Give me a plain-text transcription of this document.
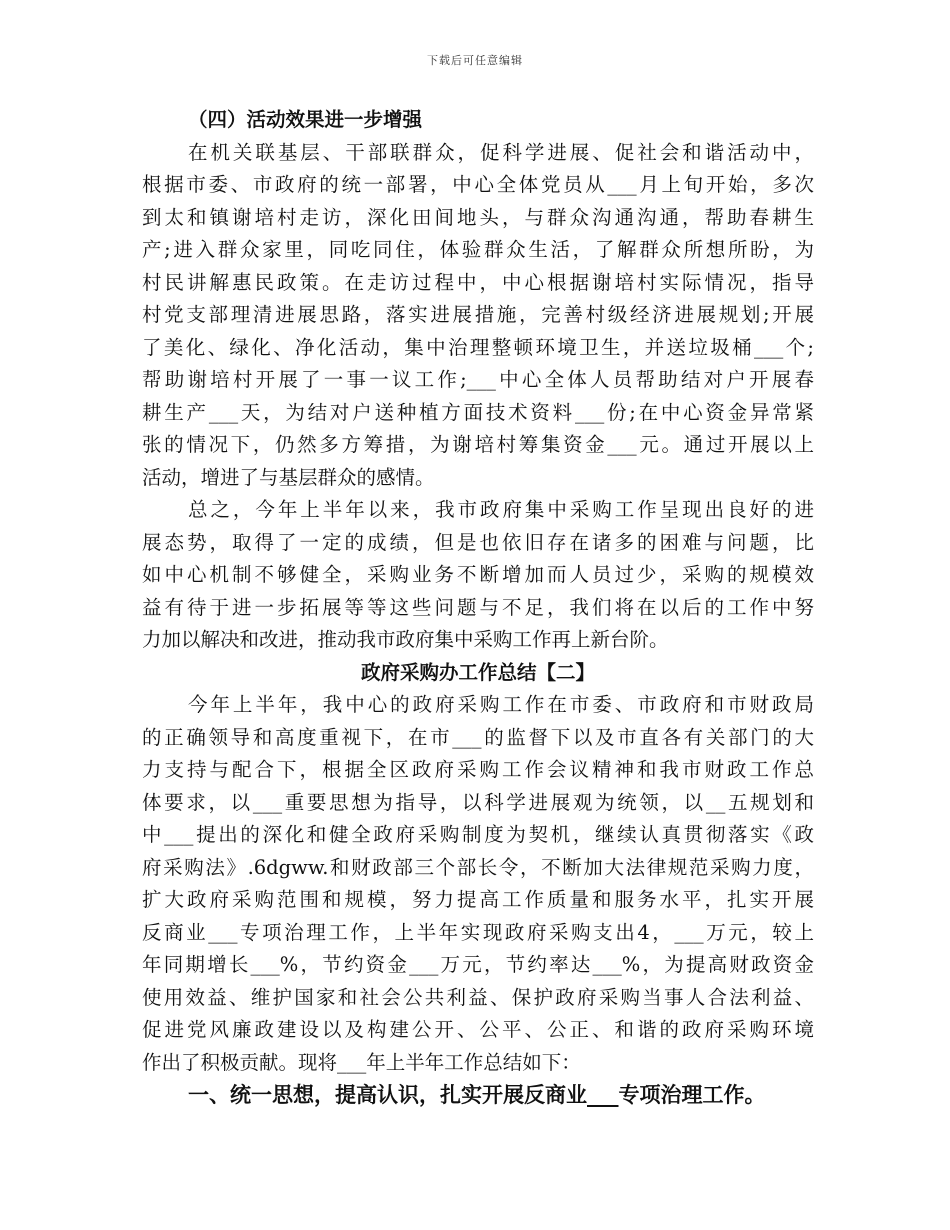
下载后可任意编辑
（四）活动效果进一步增强
在机关联基层、干部联群众，促科学进展、促社会和谐活动中，
根据市委、市政府的统一部署，中心全体党员从___月上旬开始，多次
到太和镇谢培村走访，深化田间地头，与群众沟通沟通，帮助春耕生
产;进入群众家里，同吃同住，体验群众生活，了解群众所想所盼，为
村民讲解惠民政策。在走访过程中，中心根据谢培村实际情况，指导
村党支部理清进展思路，落实进展措施，完善村级经济进展规划;开展
了美化、绿化、净化活动，集中治理整顿环境卫生，并送垃圾桶___个;
帮助谢培村开展了一事一议工作;___中心全体人员帮助结对户开展春
耕生产___天，为结对户送种植方面技术资料___份;在中心资金异常紧
张的情况下，仍然多方筹措，为谢培村筹集资金___元。通过开展以上
活动，增进了与基层群众的感情。
总之，今年上半年以来，我市政府集中采购工作呈现出良好的进
展态势，取得了一定的成绩，但是也依旧存在诸多的困难与问题，比
如中心机制不够健全，采购业务不断增加而人员过少，采购的规模效
益有待于进一步拓展等等这些问题与不足，我们将在以后的工作中努
力加以解决和改进，推动我市政府集中采购工作再上新台阶。
政府采购办工作总结【二】
今年上半年，我中心的政府采购工作在市委、市政府和市财政局
的正确领导和高度重视下，在市___的监督下以及市直各有关部门的大
力支持与配合下，根据全区政府采购工作会议精神和我市财政工作总
体要求，以___重要思想为指导，以科学进展观为统领，以__五规划和
中___提出的深化和健全政府采购制度为契机，继续认真贯彻落实《政
府采购法》.6dgww.和财政部三个部长令，不断加大法律规范采购力度，
扩大政府采购范围和规模，努力提高工作质量和服务水平，扎实开展
反商业___专项治理工作，上半年实现政府采购支出4，___万元，较上
年同期增长___%，节约资金___万元，节约率达___%，为提高财政资金
使用效益、维护国家和社会公共利益、保护政府采购当事人合法利益、
促进党风廉政建设以及构建公开、公平、公正、和谐的政府采购环境
作出了积极贡献。现将___年上半年工作总结如下：
一、统一思想，提高认识，扎实开展反商业___专项治理工作。
